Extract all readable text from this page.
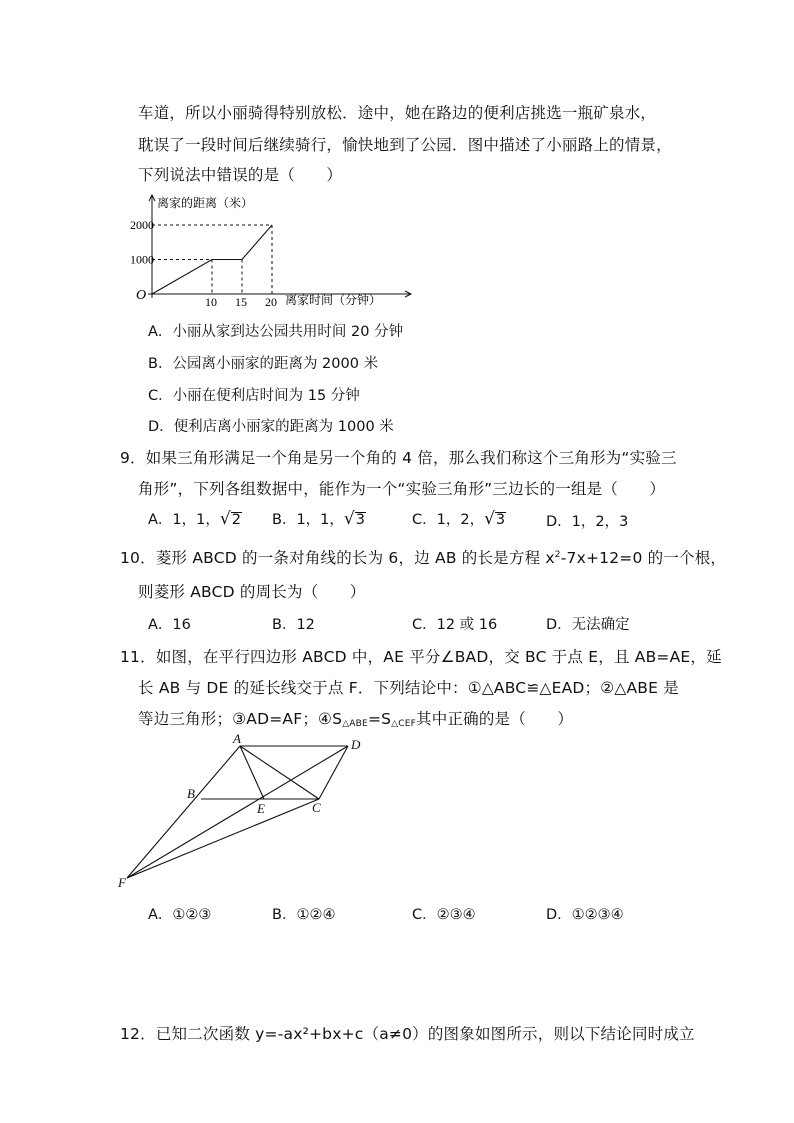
车道，所以小丽骑得特别放松．途中，她在路边的便利店挑选一瓶矿泉水，
耽误了一段时间后继续骑行，愉快地到了公园．图中描述了小丽路上的情景，
下列说法中错误的是（　　）
1000
2000
10 15 20
O
离家的距离（米）
离家时间（分钟）
A．小丽从家到达公园共用时间 20 分钟
B．公园离小丽家的距离为 2000 米
C．小丽在便利店时间为 15 分钟
D．便利店离小丽家的距离为 1000 米
9．如果三角形满足一个角是另一个角的 4 倍，那么我们称这个三角形为“实验三
角形”，下列各组数据中，能作为一个“实验三角形”三边长的一组是（　　）
A．1，1，√2 B．1，1，√3	C．1，2，√3	D．1，2，3
10．菱形 ABCD 的一条对角线的长为 6，边 AB 的长是方程 $x^2-7x+12=0$ 的一个根，
则菱形 ABCD 的周长为（　　）
A．16	B．12	C．12 或 16	D．无法确定
11．如图，在平行四边形 ABCD 中，AE 平分∠BAD，交 BC 于点 E，且 AB=AE，延
长 AB 与 DE 的延长线交于点 F．下列结论中：①△ABC≌△EAD；②△ABE 是
等边三角形；③AD=AF；$④S_{\triangle ABE}=S_{\triangle CEF}$其中正确的是（　　）
A	D
B
E	C
F
A．①②③	B．①②④	C．②③④	D．①②③④
12．已知二次函数 y=-ax²+bx+c（a≠0）的图象如图所示，则以下结论同时成立
